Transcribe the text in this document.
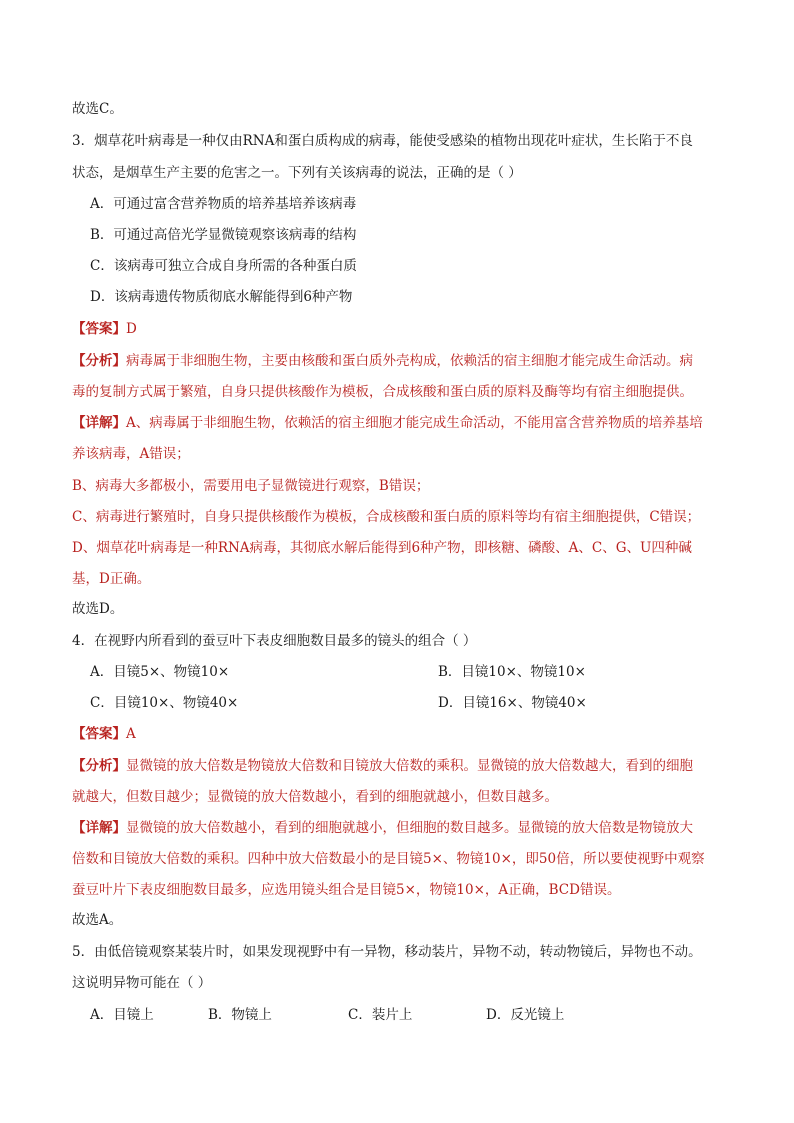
故选C。
3．烟草花叶病毒是一种仅由RNA和蛋白质构成的病毒，能使受感染的植物出现花叶症状，生长陷于不良
状态，是烟草生产主要的危害之一。下列有关该病毒的说法，正确的是（ ）
A．可通过富含营养物质的培养基培养该病毒
B．可通过高倍光学显微镜观察该病毒的结构
C．该病毒可独立合成自身所需的各种蛋白质
D．该病毒遗传物质彻底水解能得到6种产物
【答案】D
【分析】病毒属于非细胞生物，主要由核酸和蛋白质外壳构成，依赖活的宿主细胞才能完成生命活动。病
毒的复制方式属于繁殖，自身只提供核酸作为模板，合成核酸和蛋白质的原料及酶等均有宿主细胞提供。
【详解】A、病毒属于非细胞生物，依赖活的宿主细胞才能完成生命活动，不能用富含营养物质的培养基培
养该病毒，A错误；
B、病毒大多都极小，需要用电子显微镜进行观察，B错误；
C、病毒进行繁殖时，自身只提供核酸作为模板，合成核酸和蛋白质的原料等均有宿主细胞提供，C错误；
D、烟草花叶病毒是一种RNA病毒，其彻底水解后能得到6种产物，即核糖、磷酸、A、C、G、U四种碱
基，D正确。
故选D。
4．在视野内所看到的蚕豆叶下表皮细胞数目最多的镜头的组合（ ）
A．目镜5×、物镜10×	B．目镜10×、物镜10×
C．目镜10×、物镜40×	D．目镜16×、物镜40×
【答案】A
【分析】显微镜的放大倍数是物镜放大倍数和目镜放大倍数的乘积。显微镜的放大倍数越大，看到的细胞
就越大，但数目越少；显微镜的放大倍数越小，看到的细胞就越小，但数目越多。
【详解】显微镜的放大倍数越小，看到的细胞就越小，但细胞的数目越多。显微镜的放大倍数是物镜放大
倍数和目镜放大倍数的乘积。四种中放大倍数最小的是目镜5×、物镜10×，即50倍，所以要使视野中观察
蚕豆叶片下表皮细胞数目最多，应选用镜头组合是目镜5×，物镜10×，A正确，BCD错误。
故选A。
5．由低倍镜观察某装片时，如果发现视野中有一异物，移动装片，异物不动，转动物镜后，异物也不动。
这说明异物可能在（ ）
A．目镜上	B．物镜上	C．装片上	D．反光镜上
